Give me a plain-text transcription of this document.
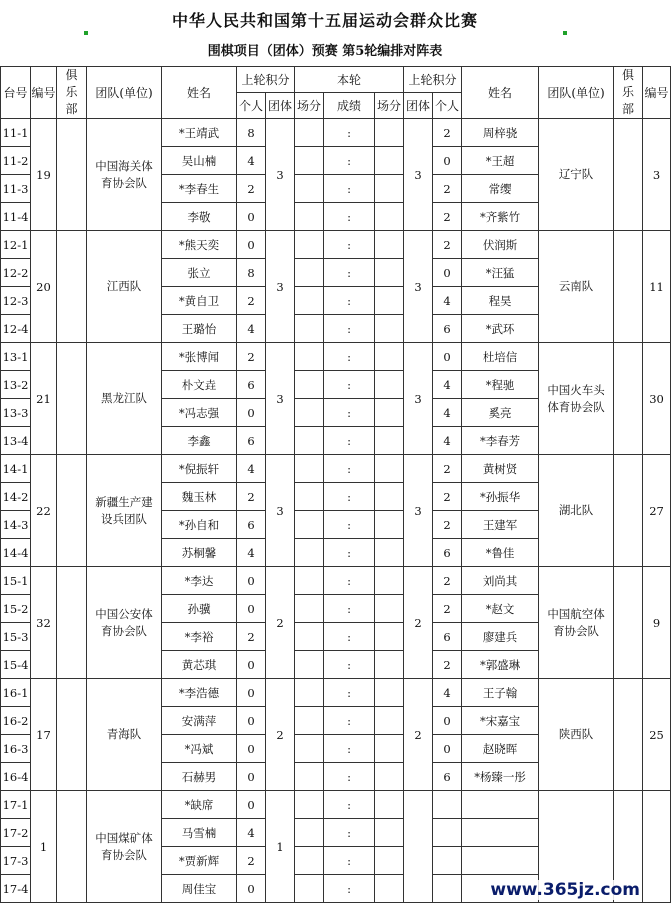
中华人民共和国第十五届运动会群众比赛
围棋项目（团体）预赛 第5轮编排对阵表
台号	编号	俱乐部	团队(单位)	姓名	上轮积分		本轮			上轮积分		姓名	团队(单位)	俱乐部	编号
					个人	团体	场分	成绩	场分	团体	个人				
11-1	19		中国海关体育协会队	*王靖武	8	3		:		3	2	周梓骁	辽宁队		3
11-2				吴山楠	4			:			0	*王超			
11-3				*李春生	2			:			2	常缨			
11-4				李敬	0			:			2	*齐紫竹			
12-1	20		江西队	*熊天奕	0	3		:		3	2	伏润斯	云南队		11
12-2				张立	8			:			0	*汪猛			
12-3				*黄自卫	2			:			4	程昊			
12-4				王璐怡	4			:			6	*武环			
13-1	21		黑龙江队	*张博闻	2	3		:		3	0	杜培信	中国火车头体育协会队		30
13-2				朴文垚	6			:			4	*程驰			
13-3				*冯志强	0			:			4	奚亮			
13-4				李鑫	6			:			4	*李春芳			
14-1	22		新疆生产建设兵团队	*倪振轩	4	3		:		3	2	黄树贤	湖北队		27
14-2				魏玉林	2			:			2	*孙振华			
14-3				*孙自和	6			:			2	王建军			
14-4				苏桐馨	4			:			6	*鲁佳			
15-1	32		中国公安体育协会队	*李达	0	2		:		2	2	刘尚其	中国航空体育协会队		9
15-2				孙骥	0			:			2	*赵文			
15-3				*李裕	2			:			6	廖建兵			
15-4				黄芯琪	0			:			2	*郭盛琳			
16-1	17		青海队	*李浩德	0	2		:		2	4	王子翰	陕西队		25
16-2				安满萍	0			:			0	*宋嘉宝			
16-3				*冯斌	0			:			0	赵晓晖			
16-4				石赫男	0			:			6	*杨臻一彤			
17-1	1		中国煤矿体育协会队	*缺席	0	1		:							
17-2				马雪楠	4			:							
17-3				*贾新辉	2			:							
17-4				周佳宝	0			:								www.365jz.com
